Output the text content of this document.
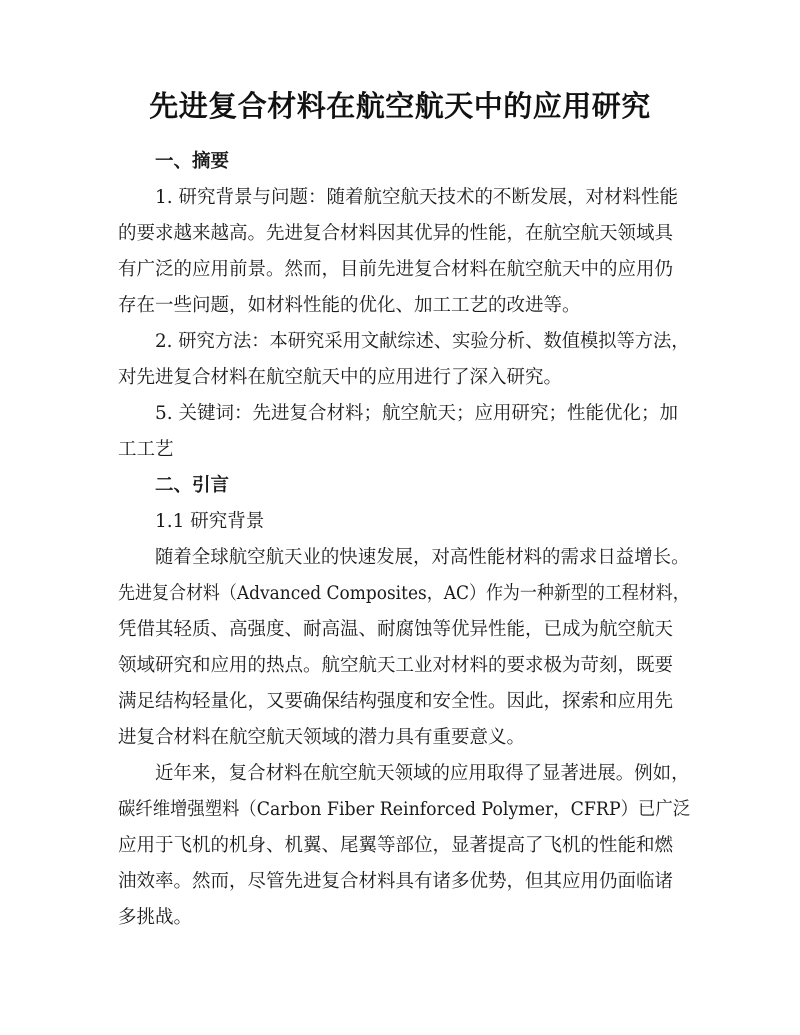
先进复合材料在航空航天中的应用研究

一、摘要

1. 研究背景与问题：随着航空航天技术的不断发展，对材料性能

的要求越来越高。先进复合材料因其优异的性能，在航空航天领域具

有广泛的应用前景。然而，目前先进复合材料在航空航天中的应用仍

存在一些问题，如材料性能的优化、加工工艺的改进等。

2. 研究方法：本研究采用文献综述、实验分析、数值模拟等方法，

对先进复合材料在航空航天中的应用进行了深入研究。

5. 关键词：先进复合材料；航空航天；应用研究；性能优化；加

工工艺

二、引言

1.1 研究背景

随着全球航空航天业的快速发展，对高性能材料的需求日益增长。

先进复合材料（Advanced Composites，AC）作为一种新型的工程材料，

凭借其轻质、高强度、耐高温、耐腐蚀等优异性能，已成为航空航天

领域研究和应用的热点。航空航天工业对材料的要求极为苛刻，既要

满足结构轻量化，又要确保结构强度和安全性。因此，探索和应用先

进复合材料在航空航天领域的潜力具有重要意义。

近年来，复合材料在航空航天领域的应用取得了显著进展。例如，

碳纤维增强塑料（Carbon Fiber Reinforced Polymer，CFRP）已广泛

应用于飞机的机身、机翼、尾翼等部位，显著提高了飞机的性能和燃

油效率。然而，尽管先进复合材料具有诸多优势，但其应用仍面临诸

多挑战。
